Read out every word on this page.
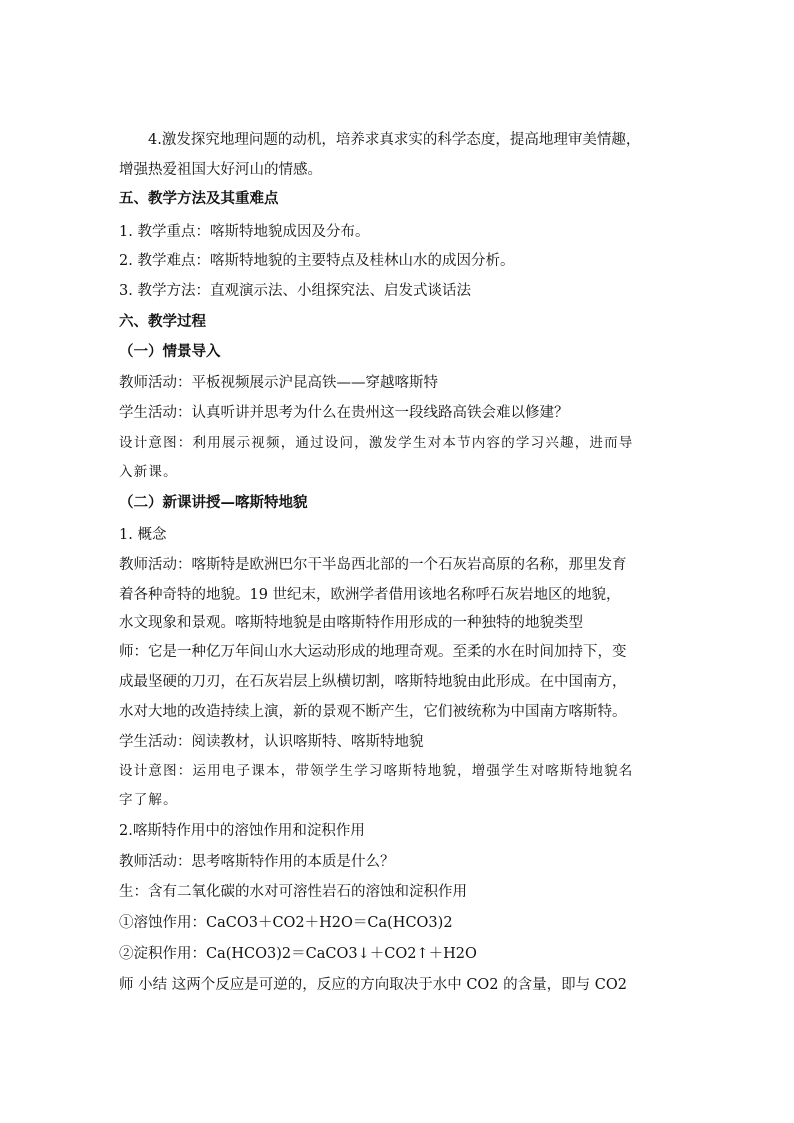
4.激发探究地理问题的动机，培养求真求实的科学态度，提高地理审美情趣，
增强热爱祖国大好河山的情感。
五、教学方法及其重难点
1. 教学重点：喀斯特地貌成因及分布。
2. 教学难点：喀斯特地貌的主要特点及桂林山水的成因分析。
3. 教学方法：直观演示法、小组探究法、启发式谈话法
六、教学过程
（一）情景导入
教师活动：平板视频展示沪昆高铁——穿越喀斯特
学生活动：认真听讲并思考为什么在贵州这一段线路高铁会难以修建？
设计意图：利用展示视频，通过设问，激发学生对本节内容的学习兴趣，进而导
入新课。
（二）新课讲授—喀斯特地貌
1. 概念
教师活动：喀斯特是欧洲巴尔干半岛西北部的一个石灰岩高原的名称，那里发育
着各种奇特的地貌。19 世纪末，欧洲学者借用该地名称呼石灰岩地区的地貌，
水文现象和景观。喀斯特地貌是由喀斯特作用形成的一种独特的地貌类型
师：它是一种亿万年间山水大运动形成的地理奇观。至柔的水在时间加持下，变
成最坚硬的刀刃，在石灰岩层上纵横切割，喀斯特地貌由此形成。在中国南方，
水对大地的改造持续上演，新的景观不断产生，它们被统称为中国南方喀斯特。
学生活动：阅读教材，认识喀斯特、喀斯特地貌
设计意图：运用电子课本，带领学生学习喀斯特地貌，增强学生对喀斯特地貌名
字了解。
2.喀斯特作用中的溶蚀作用和淀积作用
教师活动：思考喀斯特作用的本质是什么？
生：含有二氧化碳的水对可溶性岩石的溶蚀和淀积作用
①溶蚀作用：CaCO3＋CO2＋H2O＝Ca(HCO3)2
②淀积作用：Ca(HCO3)2＝CaCO3↓＋CO2↑＋H2O
师 小结 这两个反应是可逆的，反应的方向取决于水中 CO2 的含量，即与 CO2
